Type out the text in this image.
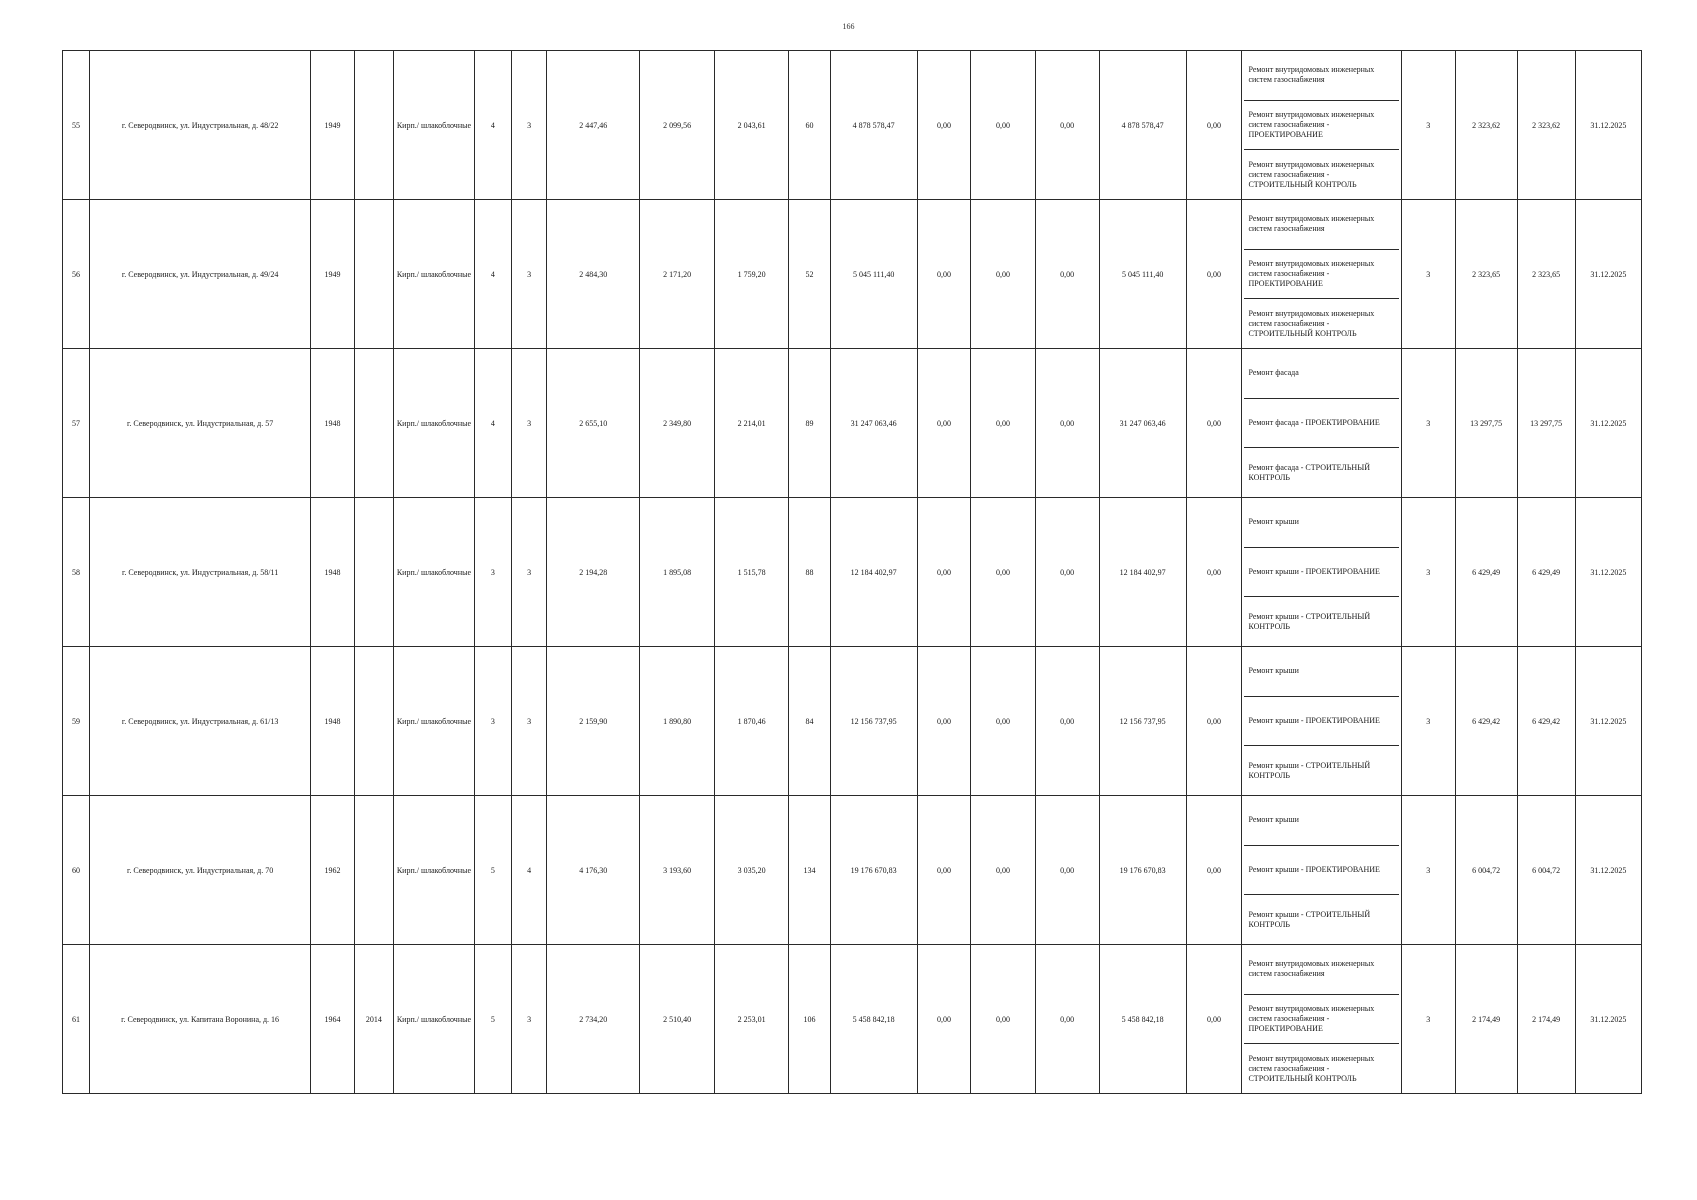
166
55	г. Северодвинск, ул. Индустриальная, д. 48/22	1949		Кирп./ шлакоблочные	4	3	2 447,46	2 099,56	2 043,61	60	4 878 578,47	0,00	0,00	0,00	4 878 578,47	0,00	Ремонт внутридомовых инженерных систем газоснабжения
Ремонт внутридомовых инженерных систем газоснабжения - ПРОЕКТИРОВАНИЕ
Ремонт внутридомовых инженерных систем газоснабжения - СТРОИТЕЛЬНЫЙ КОНТРОЛЬ	3	2 323,62	2 323,62	31.12.2025
56	г. Северодвинск, ул. Индустриальная, д. 49/24	1949		Кирп./ шлакоблочные	4	3	2 484,30	2 171,20	1 759,20	52	5 045 111,40	0,00	0,00	0,00	5 045 111,40	0,00	Ремонт внутридомовых инженерных систем газоснабжения
Ремонт внутридомовых инженерных систем газоснабжения - ПРОЕКТИРОВАНИЕ
Ремонт внутридомовых инженерных систем газоснабжения - СТРОИТЕЛЬНЫЙ КОНТРОЛЬ	3	2 323,65	2 323,65	31.12.2025
57	г. Северодвинск, ул. Индустриальная, д. 57	1948		Кирп./ шлакоблочные	4	3	2 655,10	2 349,80	2 214,01	89	31 247 063,46	0,00	0,00	0,00	31 247 063,46	0,00	Ремонт фасада
Ремонт фасада - ПРОЕКТИРОВАНИЕ
Ремонт фасада - СТРОИТЕЛЬНЫЙ КОНТРОЛЬ	3	13 297,75	13 297,75	31.12.2025
58	г. Северодвинск, ул. Индустриальная, д. 58/11	1948		Кирп./ шлакоблочные	3	3	2 194,28	1 895,08	1 515,78	88	12 184 402,97	0,00	0,00	0,00	12 184 402,97	0,00	Ремонт крыши
Ремонт крыши - ПРОЕКТИРОВАНИЕ
Ремонт крыши - СТРОИТЕЛЬНЫЙ КОНТРОЛЬ	3	6 429,49	6 429,49	31.12.2025
59	г. Северодвинск, ул. Индустриальная, д. 61/13	1948		Кирп./ шлакоблочные	3	3	2 159,90	1 890,80	1 870,46	84	12 156 737,95	0,00	0,00	0,00	12 156 737,95	0,00	Ремонт крыши
Ремонт крыши - ПРОЕКТИРОВАНИЕ
Ремонт крыши - СТРОИТЕЛЬНЫЙ КОНТРОЛЬ	3	6 429,42	6 429,42	31.12.2025
60	г. Северодвинск, ул. Индустриальная, д. 70	1962		Кирп./ шлакоблочные	5	4	4 176,30	3 193,60	3 035,20	134	19 176 670,83	0,00	0,00	0,00	19 176 670,83	0,00	Ремонт крыши
Ремонт крыши - ПРОЕКТИРОВАНИЕ
Ремонт крыши - СТРОИТЕЛЬНЫЙ КОНТРОЛЬ	3	6 004,72	6 004,72	31.12.2025
61	г. Северодвинск, ул. Капитана Воронина, д. 16	1964	2014	Кирп./ шлакоблочные	5	3	2 734,20	2 510,40	2 253,01	106	5 458 842,18	0,00	0,00	0,00	5 458 842,18	0,00	Ремонт внутридомовых инженерных систем газоснабжения
Ремонт внутридомовых инженерных систем газоснабжения - ПРОЕКТИРОВАНИЕ
Ремонт внутридомовых инженерных систем газоснабжения - СТРОИТЕЛЬНЫЙ КОНТРОЛЬ	3	2 174,49	2 174,49	31.12.2025
